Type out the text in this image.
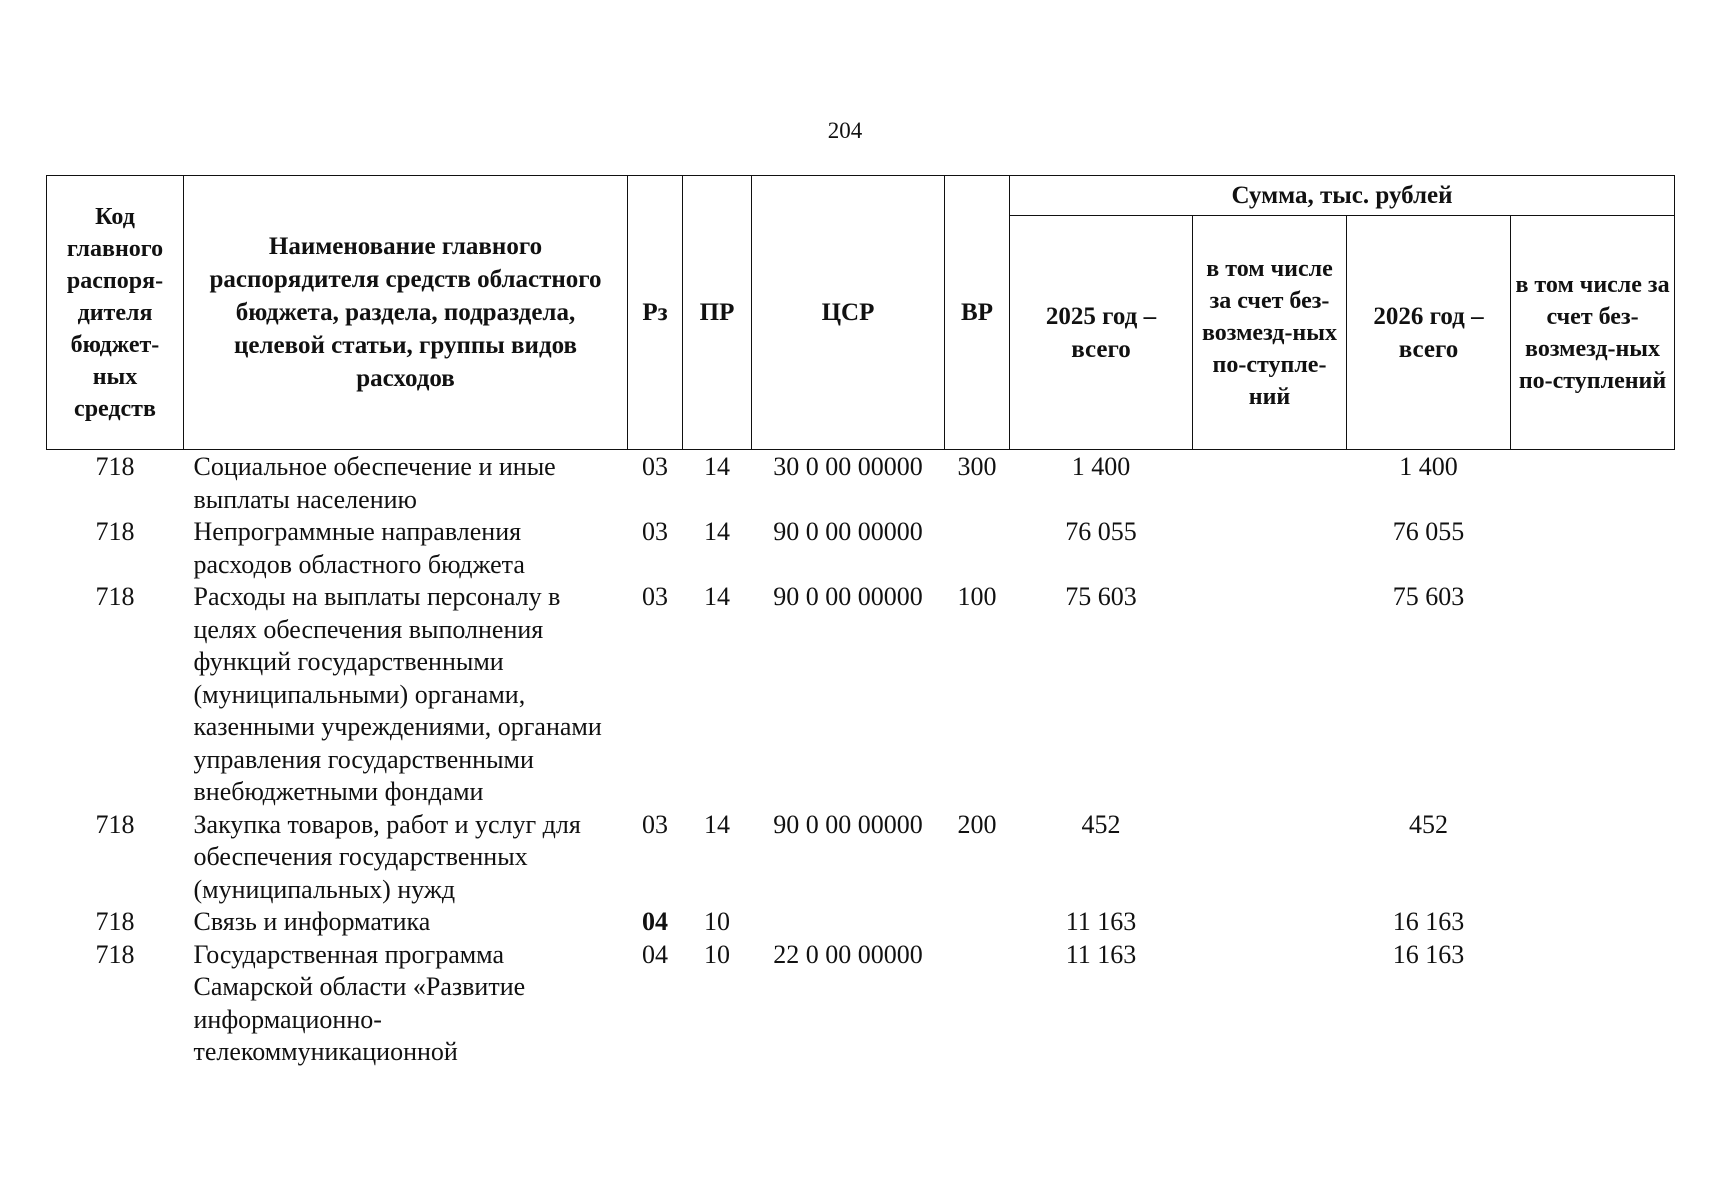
204
Код главного распоря-дителя бюджет-ных средств	Наименование главного распорядителя средств областного бюджета, раздела, подраздела, целевой статьи, группы видов расходов	Рз	ПР	ЦСР	ВР	Сумма, тыс. рублей			
						2025 год – всего	в том числе за счет без-возмезд-ных по-ступле-ний	2026 год – всего	в том числе за счет без-возмезд-ных по-ступлений
718	Социальное обеспечение и иные выплаты населению	03	14	30 0 00 00000	300	1 400		1 400	
718	Непрограммные направления расходов областного бюджета	03	14	90 0 00 00000		76 055		76 055	
718	Расходы на выплаты персоналу в целях обеспечения выполнения функций государственными (муниципальными) органами, казенными учреждениями, органами управления государственными внебюджетными фондами	03	14	90 0 00 00000	100	75 603		75 603	
718	Закупка товаров, работ и услуг для обеспечения государственных (муниципальных) нужд	03	14	90 0 00 00000	200	452		452	
718	Связь и информатика	04	10			11 163		16 163	
718	Государственная программа Самарской области «Развитие информационно-телекоммуникационной	04	10	22 0 00 00000		11 163		16 163	
